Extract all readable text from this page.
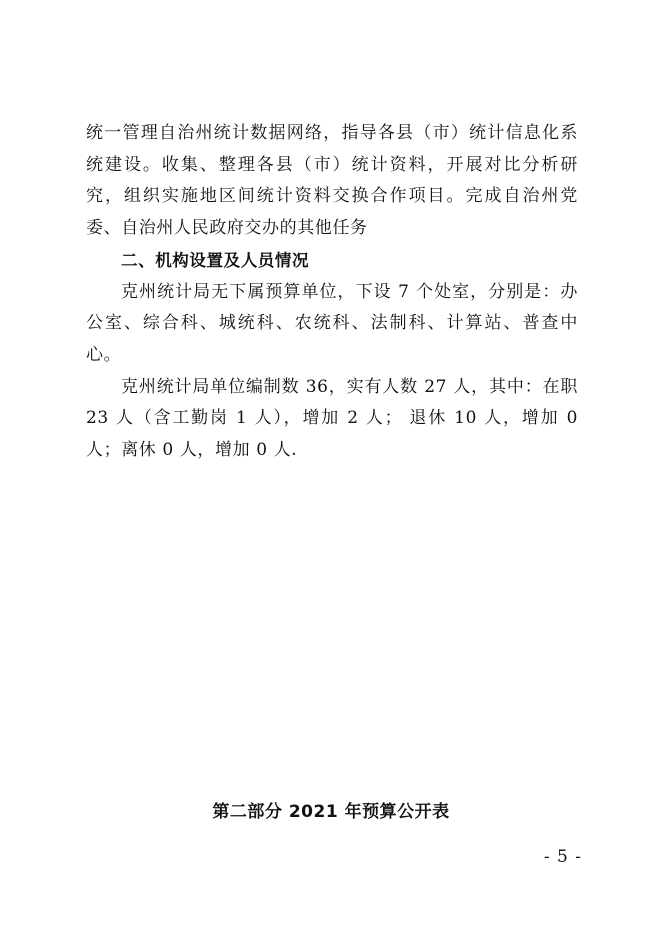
统一管理自治州统计数据网络，指导各县（市）统计信息化系统建设。收集、整理各县（市）统计资料，开展对比分析研究，组织实施地区间统计资料交换合作项目。完成自治州党委、自治州人民政府交办的其他任务

二、机构设置及人员情况

克州统计局无下属预算单位，下设 7 个处室，分别是：办公室、综合科、城统科、农统科、法制科、计算站、普查中心。

克州统计局单位编制数 36，实有人数 27 人，其中：在职 23 人（含工勤岗 1 人），增加 2 人； 退休 10 人，增加 0 人；离休 0 人，增加 0 人.

第二部分 2021 年预算公开表
- 5 -
